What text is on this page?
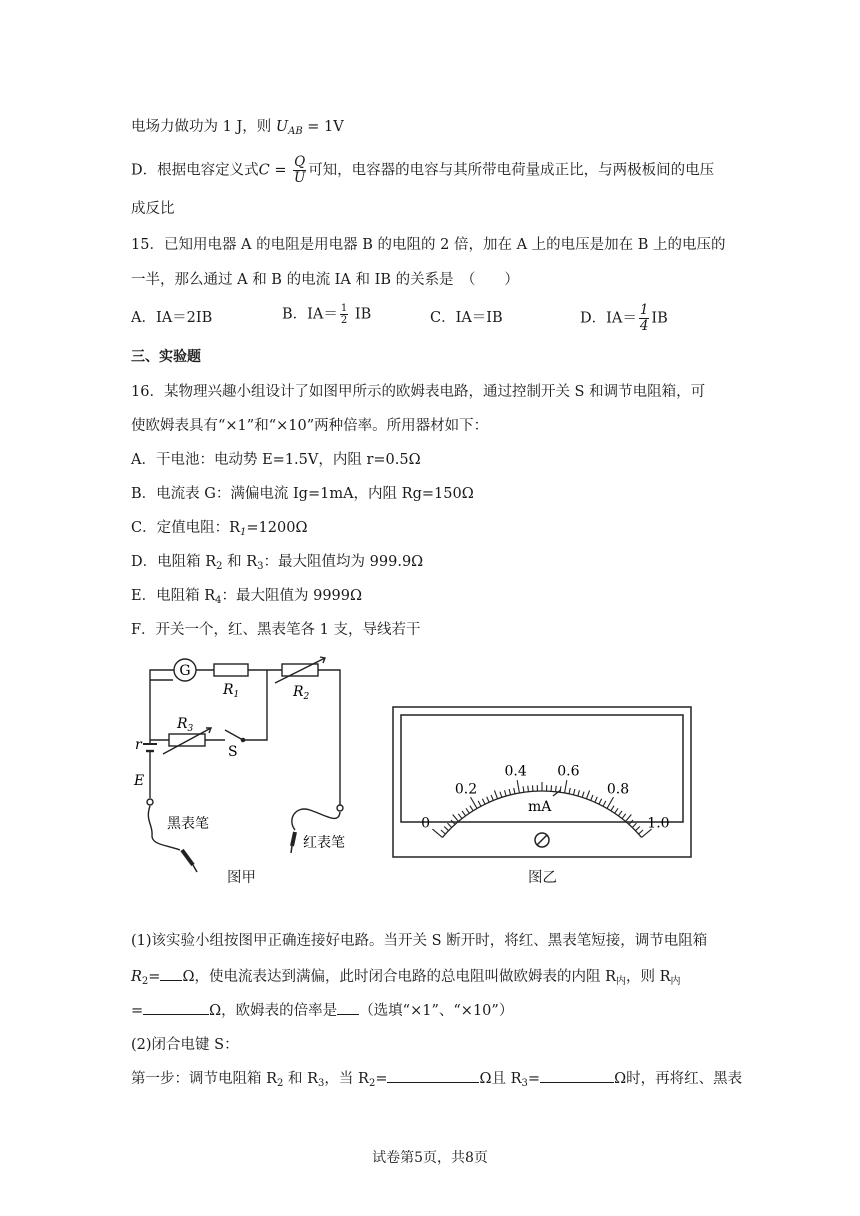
电场力做功为 1 J，则 $U_{AB} = 1V$
D．根据电容定义式$C = \frac{Q}{U}$ 可知，电容器的电容与其所带电荷量成正比，与两极板间的电压
成反比
15．已知用电器 A 的电阻是用电器 B 的电阻的 2 倍，加在 A 上的电压是加在 B 上的电压的
一半，那么通过 A 和 B 的电流 IA 和 IB 的关系是　（　　）
A．IA＝2IB	B．$IA= \frac{1}{2}$ IB	C．IA＝IB	D．$IA= \frac{1}{4}$ IB
三、实验题
16．某物理兴趣小组设计了如图甲所示的欧姆表电路，通过控制开关 S 和调节电阻箱，可
使欧姆表具有“×1”和“×10”两种倍率。所用器材如下：
A．干电池：电动势 E=1.5V，内阻 r=0.5Ω
B．电流表 G：满偏电流 Ig=1mA，内阻 Rg=150Ω
C．定值电阻：$R_1=1200\Omega$
D．电阻箱 $R_2$ 和 $R_3$：最大阻值均为 999.9Ω
E．电阻箱 $R_4$：最大阻值为 9999Ω
F．开关一个，红、黑表笔各 1 支，导线若干
G
$R_1$	$R_2$
$R_3$
S
r
E
黑表笔
红表笔
图甲
0
0.2
0.4 0.6
0.8
1.0
mA
图乙
(1)该实验小组按图甲正确连接好电路。当开关 S 断开时，将红、黑表笔短接，调节电阻箱
$R_2= \Omega$，使电流表达到满偏，此时闭合电路的总电阻叫做欧姆表的内阻 $R_内$，则 $R_内$
=	Ω，欧姆表的倍率是 （选填“×1”、“×10”）
(2)闭合电键 S：
第一步：调节电阻箱 $R_2$ 和 $R_3$，当 $R_2=$	Ω且 $R_3=$	Ω时，再将红、黑表
试卷第5页，共8页
